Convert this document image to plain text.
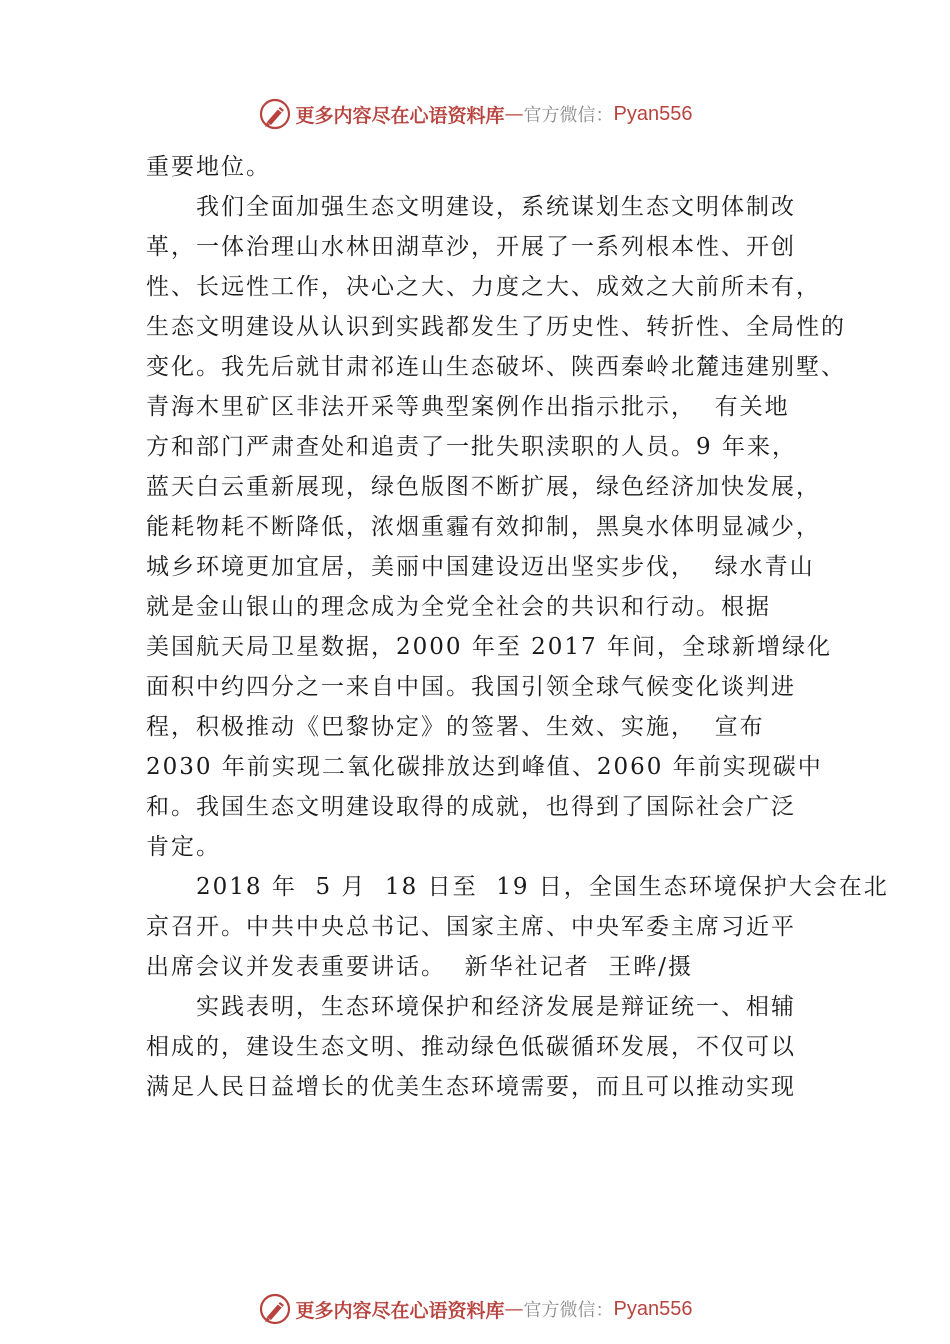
更多内容尽在心语资料库 — 官方微信： Pyan556
重要地位。
我们全面加强生态文明建设，系统谋划生态文明体制改
革，一体治理山水林田湖草沙，开展了一系列根本性、开创
性、长远性工作，决心之大、力度之大、成效之大前所未有，
生态文明建设从认识到实践都发生了历史性、转折性、全局性的
变化。我先后就甘肃祁连山生态破坏、陕西秦岭北麓违建别墅、
青海木里矿区非法开采等典型案例作出指示批示，  有关地
方和部门严肃查处和追责了一批失职渎职的人员。9 年来，
蓝天白云重新展现，绿色版图不断扩展，绿色经济加快发展，
能耗物耗不断降低，浓烟重霾有效抑制，黑臭水体明显减少，
城乡环境更加宜居，美丽中国建设迈出坚实步伐，  绿水青山
就是金山银山的理念成为全党全社会的共识和行动。根据
美国航天局卫星数据，2000 年至 2017 年间，全球新增绿化
面积中约四分之一来自中国。我国引领全球气候变化谈判进
程，积极推动《巴黎协定》的签署、生效、实施，  宣布
2030 年前实现二氧化碳排放达到峰值、2060 年前实现碳中
和。我国生态文明建设取得的成就，也得到了国际社会广泛
肯定。
2018 年  5 月  18 日至  19 日，全国生态环境保护大会在北
京召开。中共中央总书记、国家主席、中央军委主席习近平
出席会议并发表重要讲话。  新华社记者  王晔/摄
实践表明，生态环境保护和经济发展是辩证统一、相辅
相成的，建设生态文明、推动绿色低碳循环发展，不仅可以
满足人民日益增长的优美生态环境需要，而且可以推动实现
更多内容尽在心语资料库 — 官方微信： Pyan556
